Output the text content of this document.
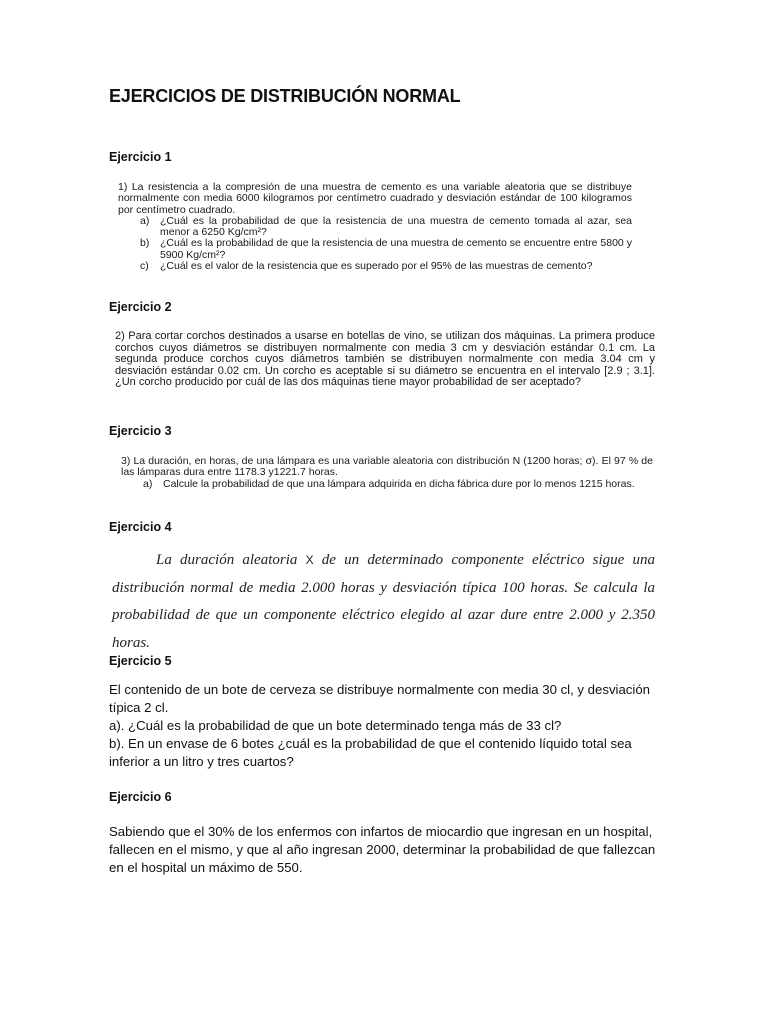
EJERCICIOS DE DISTRIBUCIÓN NORMAL
Ejercicio 1

1) La resistencia a la compresión de una muestra de cemento es una variable aleatoria que se distribuye normalmente con media 6000 kilogramos por centímetro cuadrado y desviación estándar de 100 kilogramos por centímetro cuadrado.

a)	¿Cuál es la probabilidad de que la resistencia de una muestra de cemento tomada al azar, sea menor a 6250 Kg/cm²?
b)	¿Cuál es la probabilidad de que la resistencia de una muestra de cemento se encuentre entre 5800 y 5900 Kg/cm²?
c)	¿Cuál es el valor de la resistencia que es superado por el 95% de las muestras de cemento?
Ejercicio 2

2) Para cortar corchos destinados a usarse en botellas de vino, se utilizan dos máquinas. La primera produce corchos cuyos diámetros se distribuyen normalmente con media 3 cm y desviación estándar 0.1 cm. La segunda produce corchos cuyos diámetros también se distribuyen normalmente con media 3.04 cm y desviación estándar 0.02 cm. Un corcho es aceptable si su diámetro se encuentra en el intervalo [2.9 ; 3.1]. ¿Un corcho producido por cuál de las dos máquinas tiene mayor probabilidad de ser aceptado?

Ejercicio 3

3) La duración, en horas, de una lámpara es una variable aleatoria con distribución N (1200 horas; σ). El 97 % de las lámparas dura entre 1178.3 y1221.7 horas.

a)	Calcule la probabilidad de que una lámpara adquirida en dicha fábrica dure por lo menos 1215 horas.
Ejercicio 4
La duración aleatoria X de un determinado componente eléctrico sigue una distribución normal de media 2.000 horas y desviación típica 100 horas. Se calcula la probabilidad de que un componente eléctrico elegido al azar dure entre 2.000 y 2.350 horas.
Ejercicio 5

El contenido de un bote de cerveza se distribuye normalmente con media 30 cl, y desviación típica 2 cl.

a). ¿Cuál es la probabilidad de que un bote determinado tenga más de 33 cl?

b). En un envase de 6 botes ¿cuál es la probabilidad de que el contenido líquido total sea inferior a un litro y tres cuartos?

Ejercicio 6

Sabiendo que el 30% de los enfermos con infartos de miocardio que ingresan en un hospital, fallecen en el mismo, y que al año ingresan 2000, determinar la probabilidad de que fallezcan en el hospital un máximo de 550.
